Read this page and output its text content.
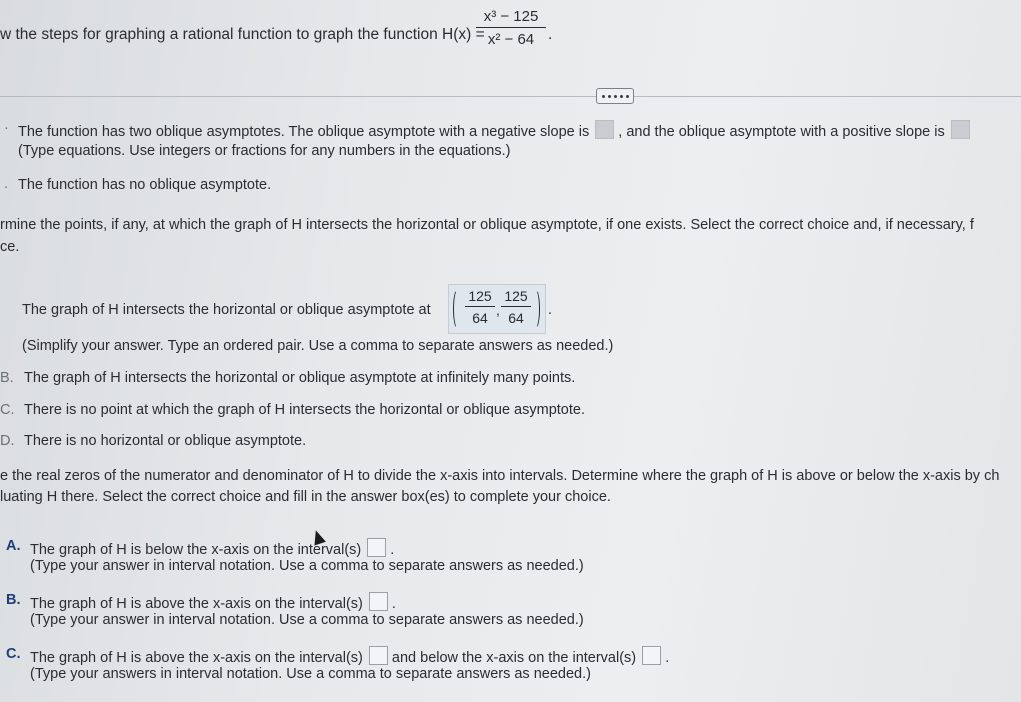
w the steps for graphing a rational function to graph the function H(x) =
x³ − 125
x² − 64 .
· The function has two oblique asymptotes. The oblique asymptote with a negative slope is , and the oblique asymptote with a positive slope is
(Type equations. Use integers or fractions for any numbers in the equations.)
. The function has no oblique asymptote.
rmine the points, if any, at which the graph of H intersects the horizontal or oblique asymptote, if one exists. Select the correct choice and, if necessary, f
ce.
The graph of H intersects the horizontal or oblique asymptote at
125
64 ,
125
64	.
(Simplify your answer. Type an ordered pair. Use a comma to separate answers as needed.)
B. The graph of H intersects the horizontal or oblique asymptote at infinitely many points.
C. There is no point at which the graph of H intersects the horizontal or oblique asymptote.
D. There is no horizontal or oblique asymptote.
e the real zeros of the numerator and denominator of H to divide the x-axis into intervals. Determine where the graph of H is above or below the x-axis by ch
luating H there. Select the correct choice and fill in the answer box(es) to complete your choice.
A. The graph of H is below the x-axis on the interval(s) .
(Type your answer in interval notation. Use a comma to separate answers as needed.)
B. The graph of H is above the x-axis on the interval(s) .
(Type your answer in interval notation. Use a comma to separate answers as needed.)
C. The graph of H is above the x-axis on the interval(s) and below the x-axis on the interval(s) .
(Type your answers in interval notation. Use a comma to separate answers as needed.)
